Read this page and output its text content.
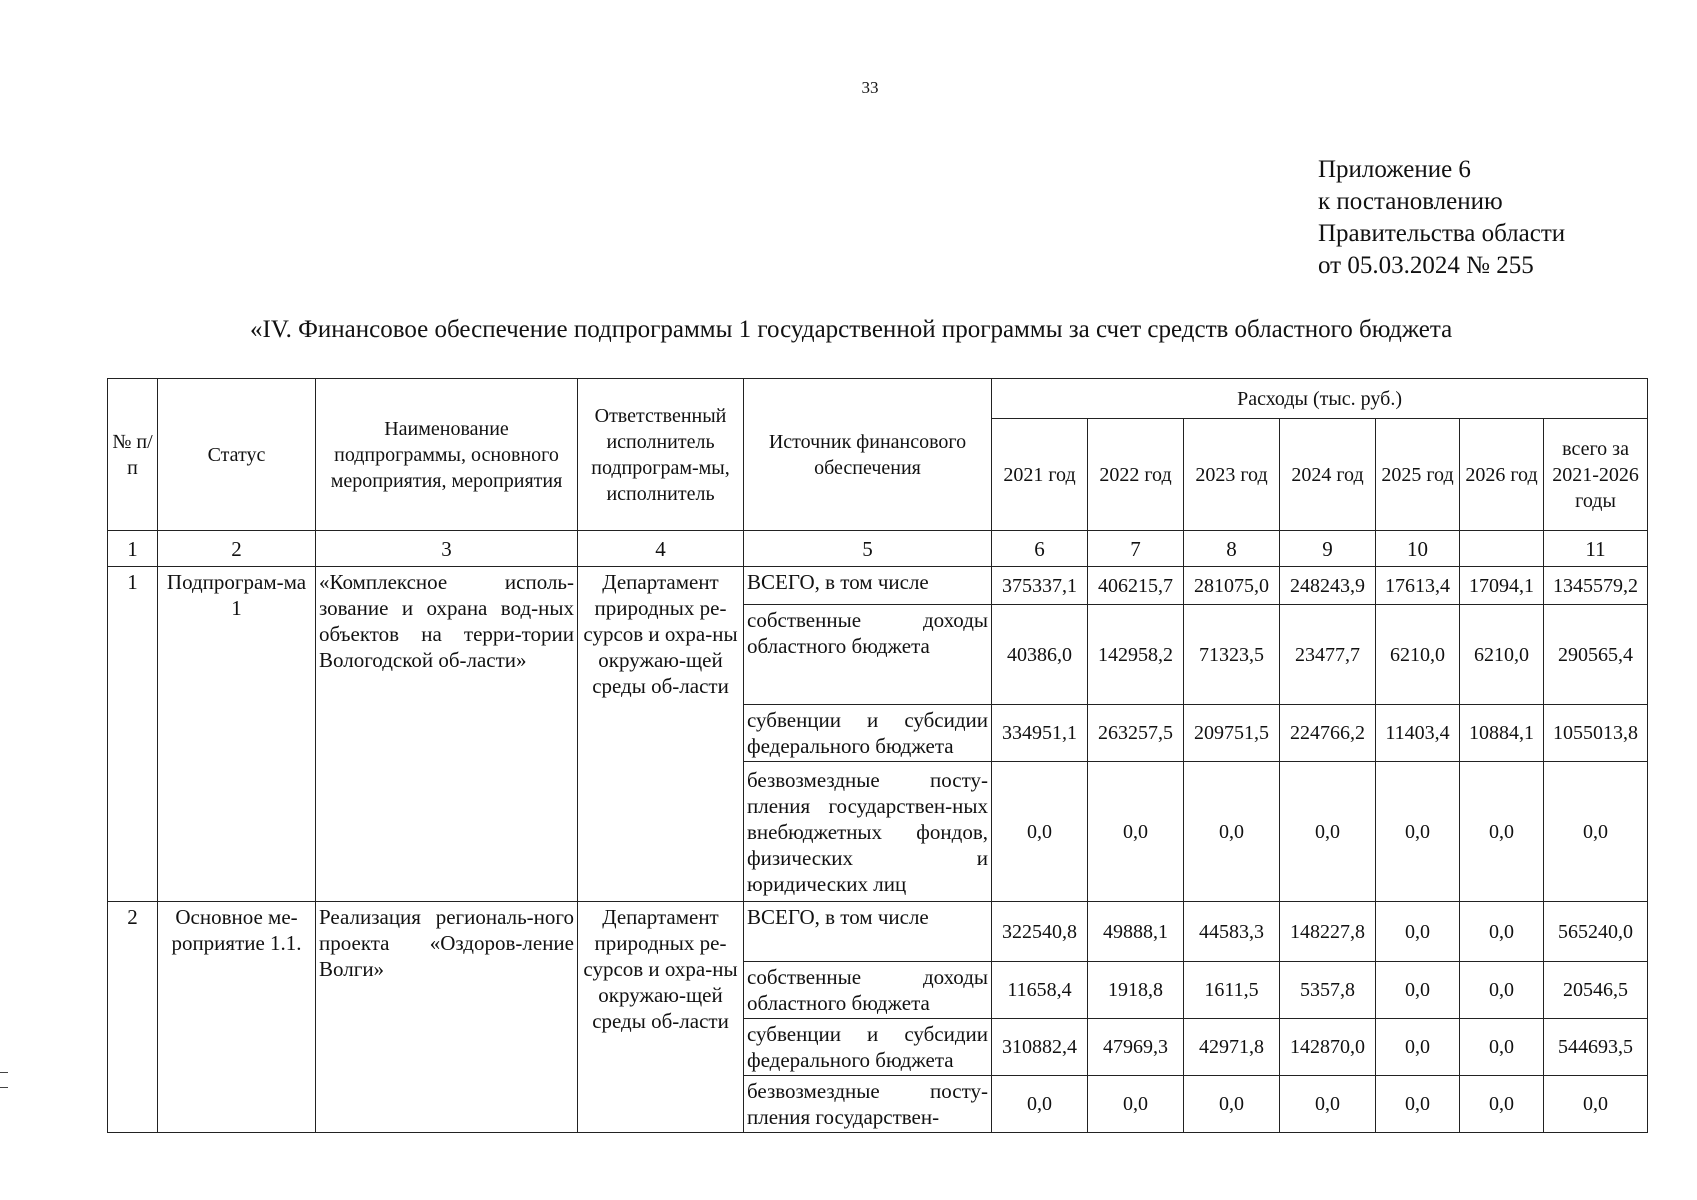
33
Приложение 6
к постановлению
Правительства области
от 05.03.2024 № 255
«IV. Финансовое обеспечение подпрограммы 1 государственной программы за счет средств областного бюджета
№ п/п	Статус	Наименование подпрограммы, основного мероприятия, мероприятия	Ответственный исполнитель подпрограм-мы, исполнитель	Источник финансового обеспечения	Расходы (тыс. руб.)						
					2021 год	2022 год	2023 год	2024 год	2025 год	2026 год	всего за 2021-2026 годы
1	2	3	4	5	6	7	8	9	10		11
1	Подпрограм-ма 1	«Комплексное исполь-зование и охрана вод-ных объектов на терри-тории Вологодской об-ласти»	Департамент природных ре-сурсов и охра-ны окружаю-щей среды об-ласти	ВСЕГО, в том числе	375337,1	406215,7	281075,0	248243,9	17613,4	17094,1	1345579,2
				собственные доходы областного бюджета	40386,0	142958,2	71323,5	23477,7	6210,0	6210,0	290565,4
				субвенции и субсидии федерального бюджета	334951,1	263257,5	209751,5	224766,2	11403,4	10884,1	1055013,8
				безвозмездные посту-пления государствен-ных внебюджетных фондов, физических и юридических лиц	0,0	0,0	0,0	0,0	0,0	0,0	0,0
2	Основное ме-роприятие 1.1.	Реализация региональ-ного проекта «Оздоров-ление Волги»	Департамент природных ре-сурсов и охра-ны окружаю-щей среды об-ласти	ВСЕГО, в том числе	322540,8	49888,1	44583,3	148227,8	0,0	0,0	565240,0
				собственные доходы областного бюджета	11658,4	1918,8	1611,5	5357,8	0,0	0,0	20546,5
				субвенции и субсидии федерального бюджета	310882,4	47969,3	42971,8	142870,0	0,0	0,0	544693,5
				безвозмездные посту-пления государствен-	0,0	0,0	0,0	0,0	0,0	0,0	0,0
